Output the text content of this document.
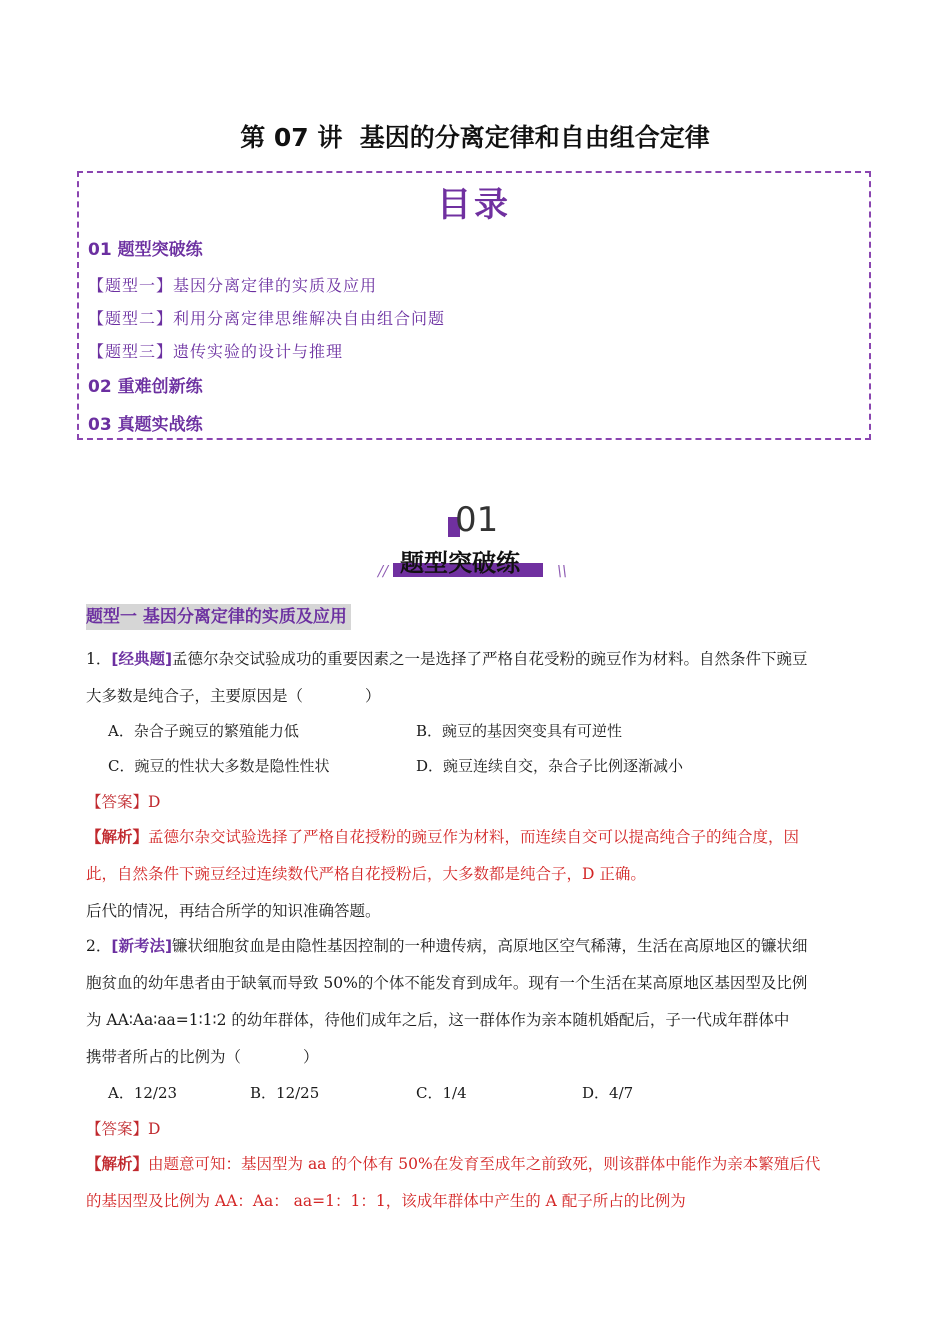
第 07 讲  基因的分离定律和自由组合定律
目录
01 题型突破练
【题型一】基因分离定律的实质及应用
【题型二】利用分离定律思维解决自由组合问题
【题型三】遗传实验的设计与推理
02 重难创新练
03 真题实战练
01
题型突破练
//	\\
题型一 基因分离定律的实质及应用
1．[经典题]孟德尔杂交试验成功的重要因素之一是选择了严格自花受粉的豌豆作为材料。自然条件下豌豆
大多数是纯合子，主要原因是（　　　　）
A．杂合子豌豆的繁殖能力低	B．豌豆的基因突变具有可逆性
C．豌豆的性状大多数是隐性性状	D．豌豆连续自交，杂合子比例逐渐减小
【答案】D
【解析】孟德尔杂交试验选择了严格自花授粉的豌豆作为材料，而连续自交可以提高纯合子的纯合度，因
此，自然条件下豌豆经过连续数代严格自花授粉后，大多数都是纯合子，D 正确。
后代的情况，再结合所学的知识准确答题。
2．[新考法]镰状细胞贫血是由隐性基因控制的一种遗传病，高原地区空气稀薄，生活在高原地区的镰状细
胞贫血的幼年患者由于缺氧而导致 50%的个体不能发育到成年。现有一个生活在某高原地区基因型及比例
为 AA∶Aa∶aa=1∶1∶2 的幼年群体，待他们成年之后，这一群体作为亲本随机婚配后，子一代成年群体中
携带者所占的比例为（　　　　）
A．12/23	B．12/25	C．1/4	D．4/7
【答案】D
【解析】由题意可知：基因型为 aa 的个体有 50%在发育至成年之前致死，则该群体中能作为亲本繁殖后代
的基因型及比例为 AA：Aa： aa=1：1：1，该成年群体中产生的 A 配子所占的比例为
